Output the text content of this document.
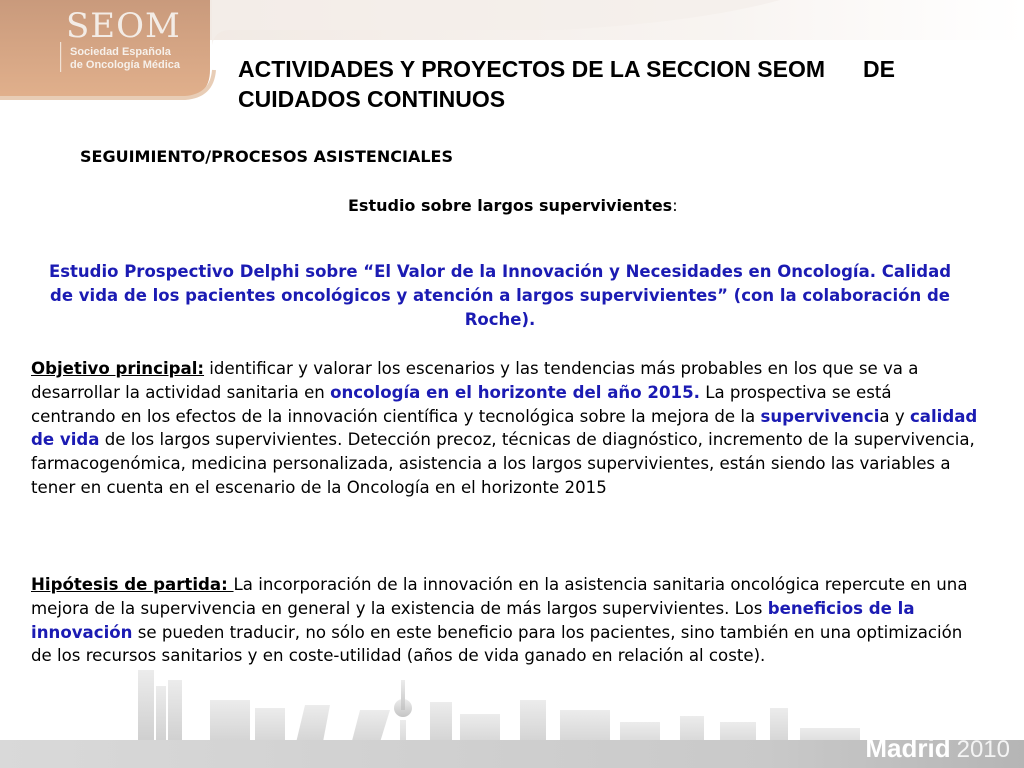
SEOM
Sociedad Española
de Oncología Médica	ACTIVIDADES Y PROYECTOS DE LA SECCION SEOM DE
CUIDADOS CONTINUOS

SEGUIMIENTO/PROCESOS ASISTENCIALES

Estudio sobre largos supervivientes:

Estudio Prospectivo Delphi sobre “El Valor de la Innovación y Necesidades en Oncología. Calidad de vida de los pacientes oncológicos y atención a largos supervivientes” (con la colaboración de Roche).

Objetivo principal: identificar y valorar los escenarios y las tendencias más probables en los que se va a desarrollar la actividad sanitaria en oncología en el horizonte del año 2015. La prospectiva se está centrando en los efectos de la innovación científica y tecnológica sobre la mejora de la supervivencia y calidad de vida de los largos supervivientes. Detección precoz, técnicas de diagnóstico, incremento de la supervivencia, farmacogenómica, medicina personalizada, asistencia a los largos supervivientes, están siendo las variables a tener en cuenta en el escenario de la Oncología en el horizonte 2015

Hipótesis de partida: La incorporación de la innovación en la asistencia sanitaria oncológica repercute en una mejora de la supervivencia en general y la existencia de más largos supervivientes. Los beneficios de la innovación se pueden traducir, no sólo en este beneficio para los pacientes, sino también en una optimización de los recursos sanitarios y en coste-utilidad (años de vida ganado en relación al coste).

Madrid 2010
